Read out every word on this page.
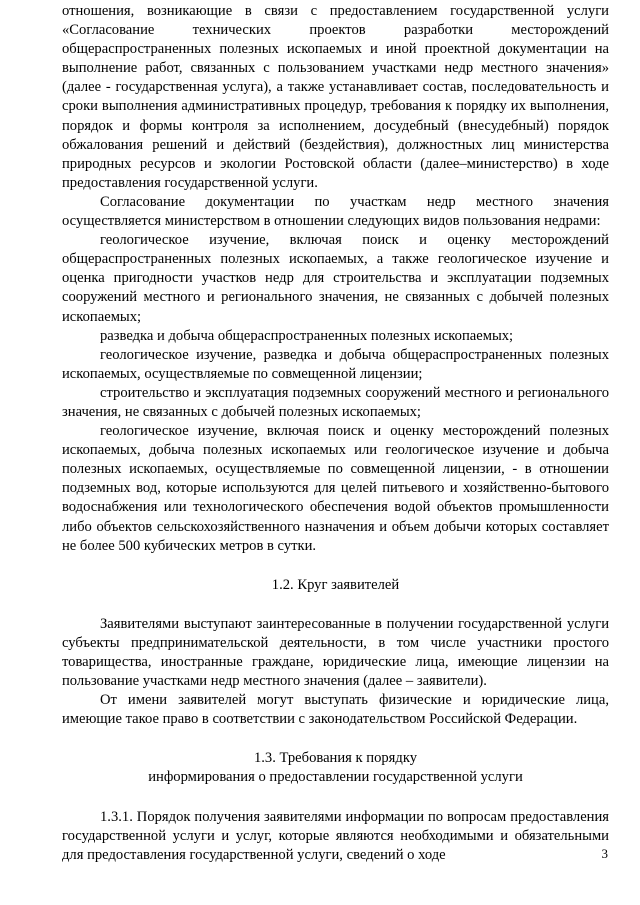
отношения, возникающие в связи с предоставлением государственной услуги «Согласование технических проектов разработки месторождений общераспространенных полезных ископаемых и иной проектной документации на выполнение работ, связанных с пользованием участками недр местного значения» (далее - государственная услуга), а также устанавливает состав, последовательность и сроки выполнения административных процедур, требования к порядку их выполнения, порядок и формы контроля за исполнением, досудебный (внесудебный) порядок обжалования решений и действий (бездействия), должностных лиц министерства природных ресурсов и экологии Ростовской области (далее–министерство) в ходе предоставления государственной услуги.

Согласование документации по участкам недр местного значения осуществляется министерством в отношении следующих видов пользования недрами:

геологическое изучение, включая поиск и оценку месторождений общераспространенных полезных ископаемых, а также геологическое изучение и оценка пригодности участков недр для строительства и эксплуатации подземных сооружений местного и регионального значения, не связанных с добычей полезных ископаемых;

разведка и добыча общераспространенных полезных ископаемых;

геологическое изучение, разведка и добыча общераспространенных полезных ископаемых, осуществляемые по совмещенной лицензии;

строительство и эксплуатация подземных сооружений местного и регионального значения, не связанных с добычей полезных ископаемых;

геологическое изучение, включая поиск и оценку месторождений полезных ископаемых, добыча полезных ископаемых или геологическое изучение и добыча полезных ископаемых, осуществляемые по совмещенной лицензии, - в отношении подземных вод, которые используются для целей питьевого и хозяйственно-бытового водоснабжения или технологического обеспечения водой объектов промышленности либо объектов сельскохозяйственного назначения и объем добычи которых составляет не более 500 кубических метров в сутки.

1.2. Круг заявителей

Заявителями выступают заинтересованные в получении государственной услуги субъекты предпринимательской деятельности, в том числе участники простого товарищества, иностранные граждане, юридические лица, имеющие лицензии на пользование участками недр местного значения (далее – заявители).

От имени заявителей могут выступать физические и юридические лица, имеющие такое право в соответствии с законодательством Российской Федерации.

1.3. Требования к порядку

информирования о предоставлении государственной услуги

1.3.1. Порядок получения заявителями информации по вопросам предоставления государственной услуги и услуг, которые являются необходимыми и обязательными для предоставления государственной услуги, сведений о ходе	3
